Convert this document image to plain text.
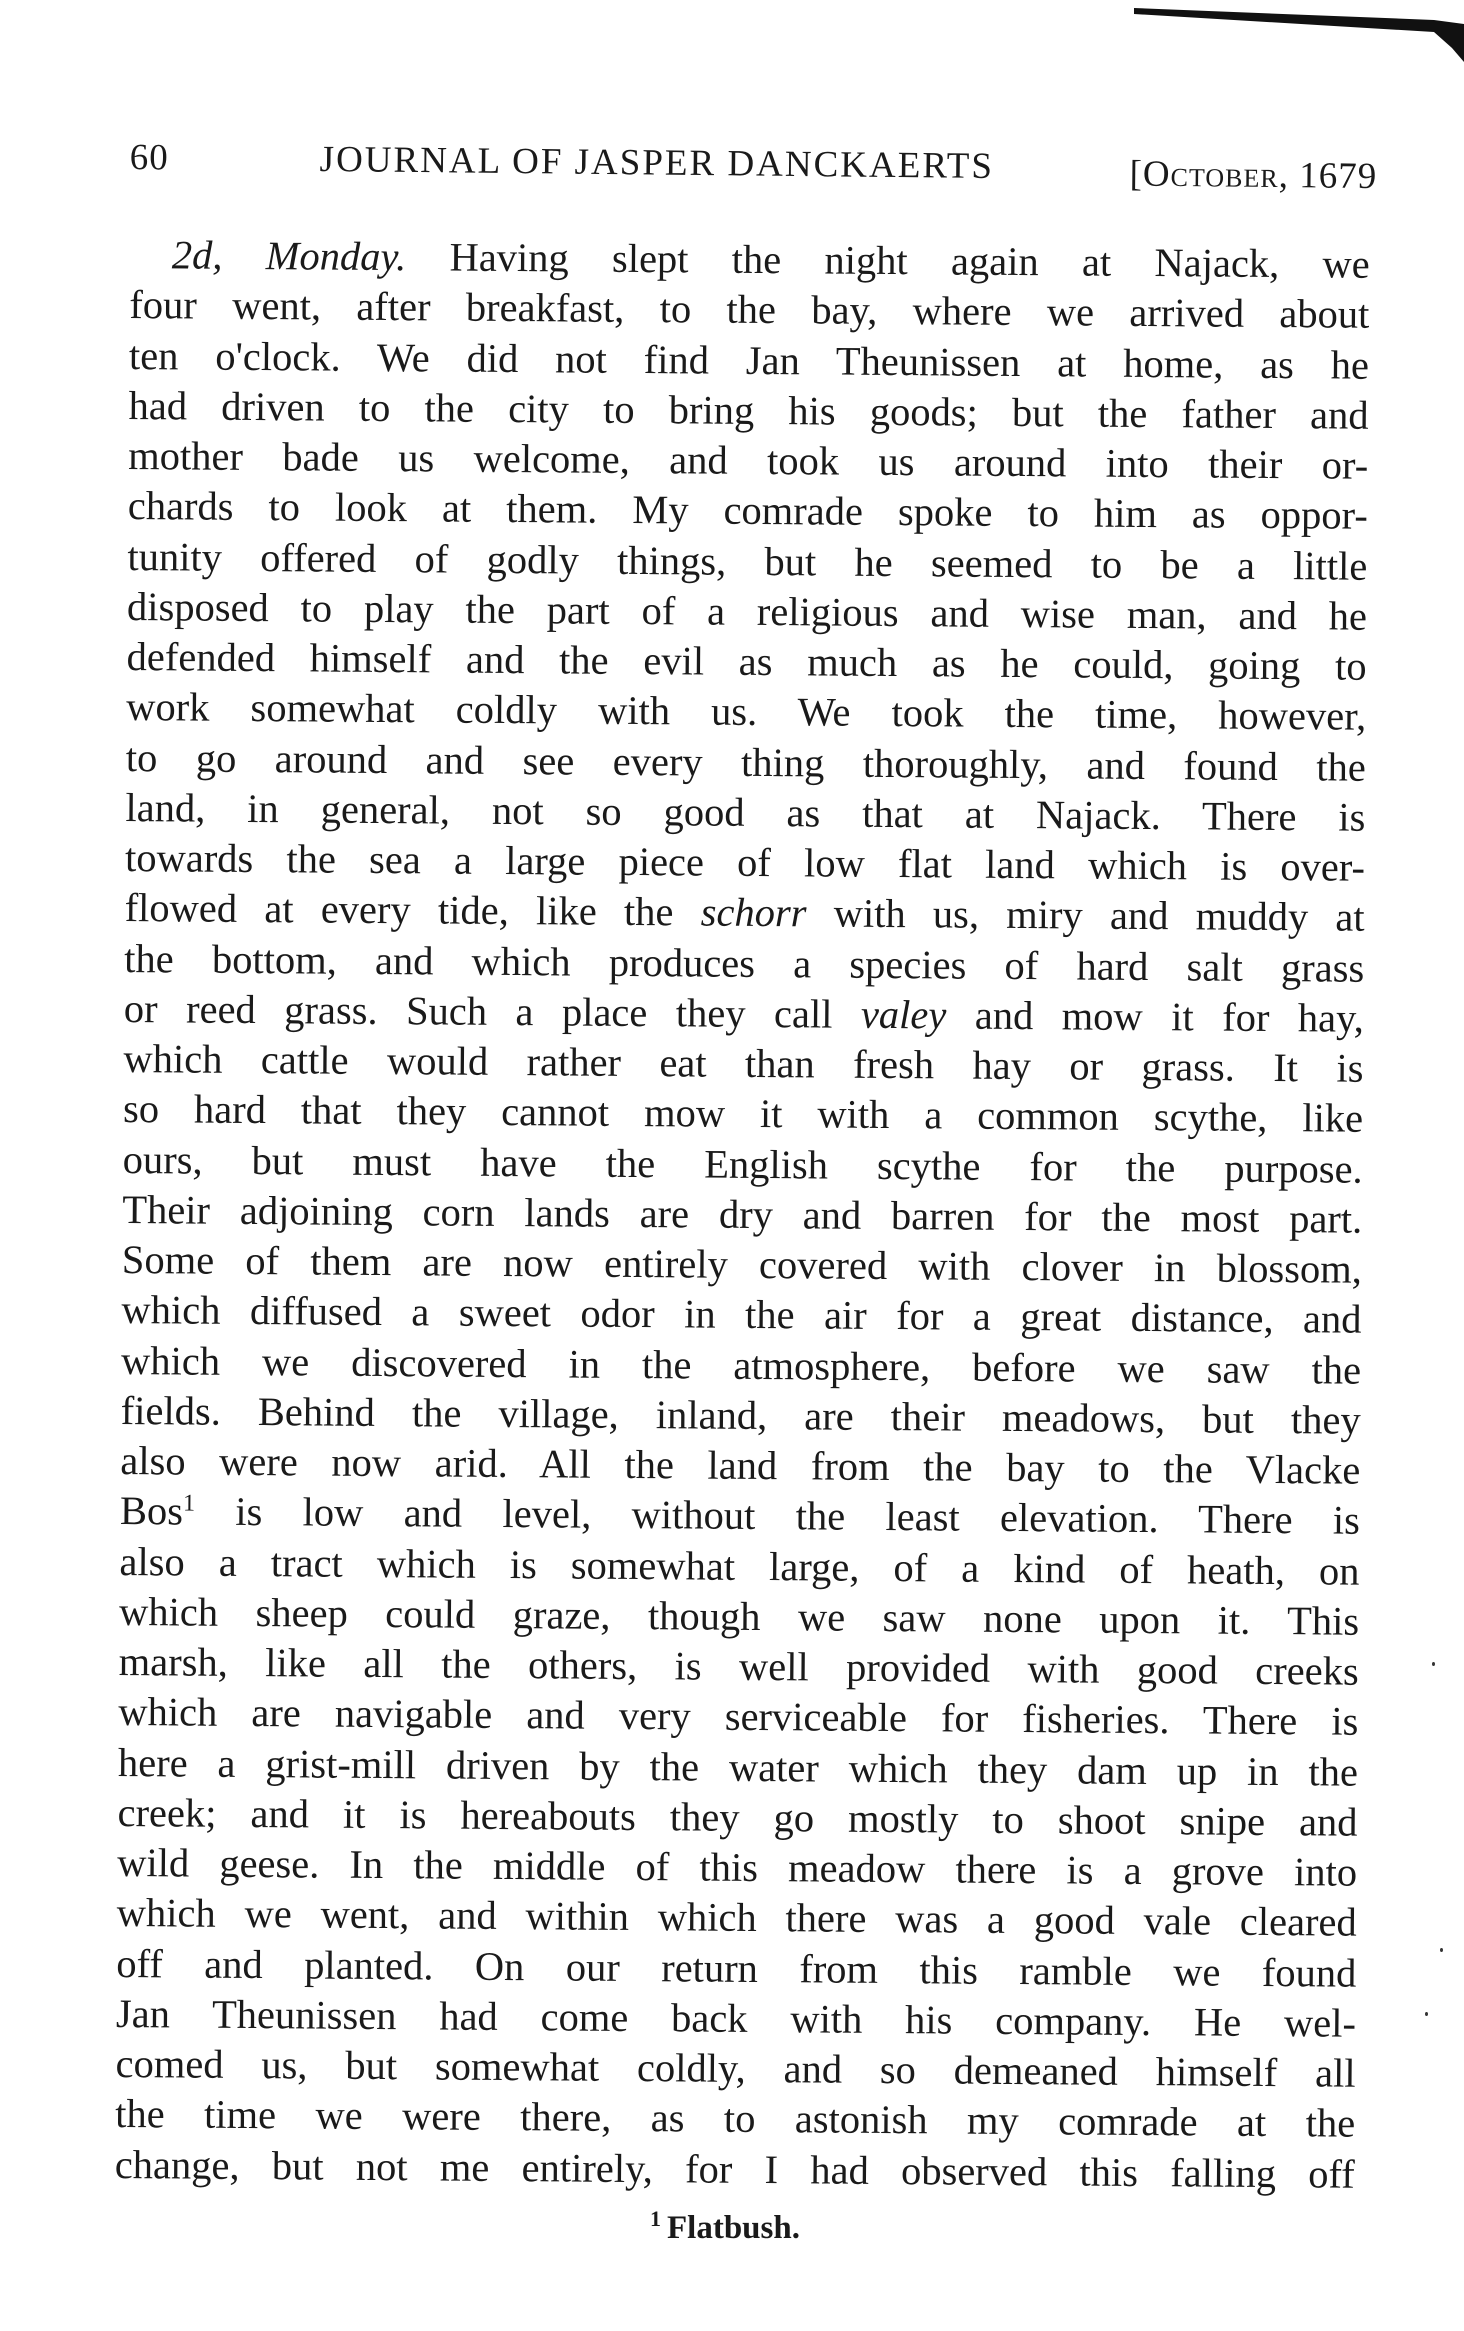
60	JOURNAL OF JASPER DANCKAERTS	[October, 1679
2d, Monday. Having slept the night again at Najack, we
four went, after breakfast, to the bay, where we arrived about
ten o'clock. We did not find Jan Theunissen at home, as he
had driven to the city to bring his goods; but the father and
mother bade us welcome, and took us around into their or-
chards to look at them. My comrade spoke to him as oppor-
tunity offered of godly things, but he seemed to be a little
disposed to play the part of a religious and wise man, and he
defended himself and the evil as much as he could, going to
work somewhat coldly with us. We took the time, however,
to go around and see every thing thoroughly, and found the
land, in general, not so good as that at Najack. There is
towards the sea a large piece of low flat land which is over-
flowed at every tide, like the schorr with us, miry and muddy at
the bottom, and which produces a species of hard salt grass
or reed grass. Such a place they call valey and mow it for hay,
which cattle would rather eat than fresh hay or grass. It is
so hard that they cannot mow it with a common scythe, like
ours, but must have the English scythe for the purpose.
Their adjoining corn lands are dry and barren for the most part.
Some of them are now entirely covered with clover in blossom,
which diffused a sweet odor in the air for a great distance, and
which we discovered in the atmosphere, before we saw the
fields. Behind the village, inland, are their meadows, but they
also were now arid. All the land from the bay to the Vlacke
Bos$^1$ is low and level, without the least elevation. There is
also a tract which is somewhat large, of a kind of heath, on
which sheep could graze, though we saw none upon it. This
marsh, like all the others, is well provided with good creeks
which are navigable and very serviceable for fisheries. There is
here a grist-mill driven by the water which they dam up in the
creek; and it is hereabouts they go mostly to shoot snipe and
wild geese. In the middle of this meadow there is a grove into
which we went, and within which there was a good vale cleared
off and planted. On our return from this ramble we found
Jan Theunissen had come back with his company. He wel-
comed us, but somewhat coldly, and so demeaned himself all
the time we were there, as to astonish my comrade at the
change, but not me entirely, for I had observed this falling off
$^1$ Flatbush.
